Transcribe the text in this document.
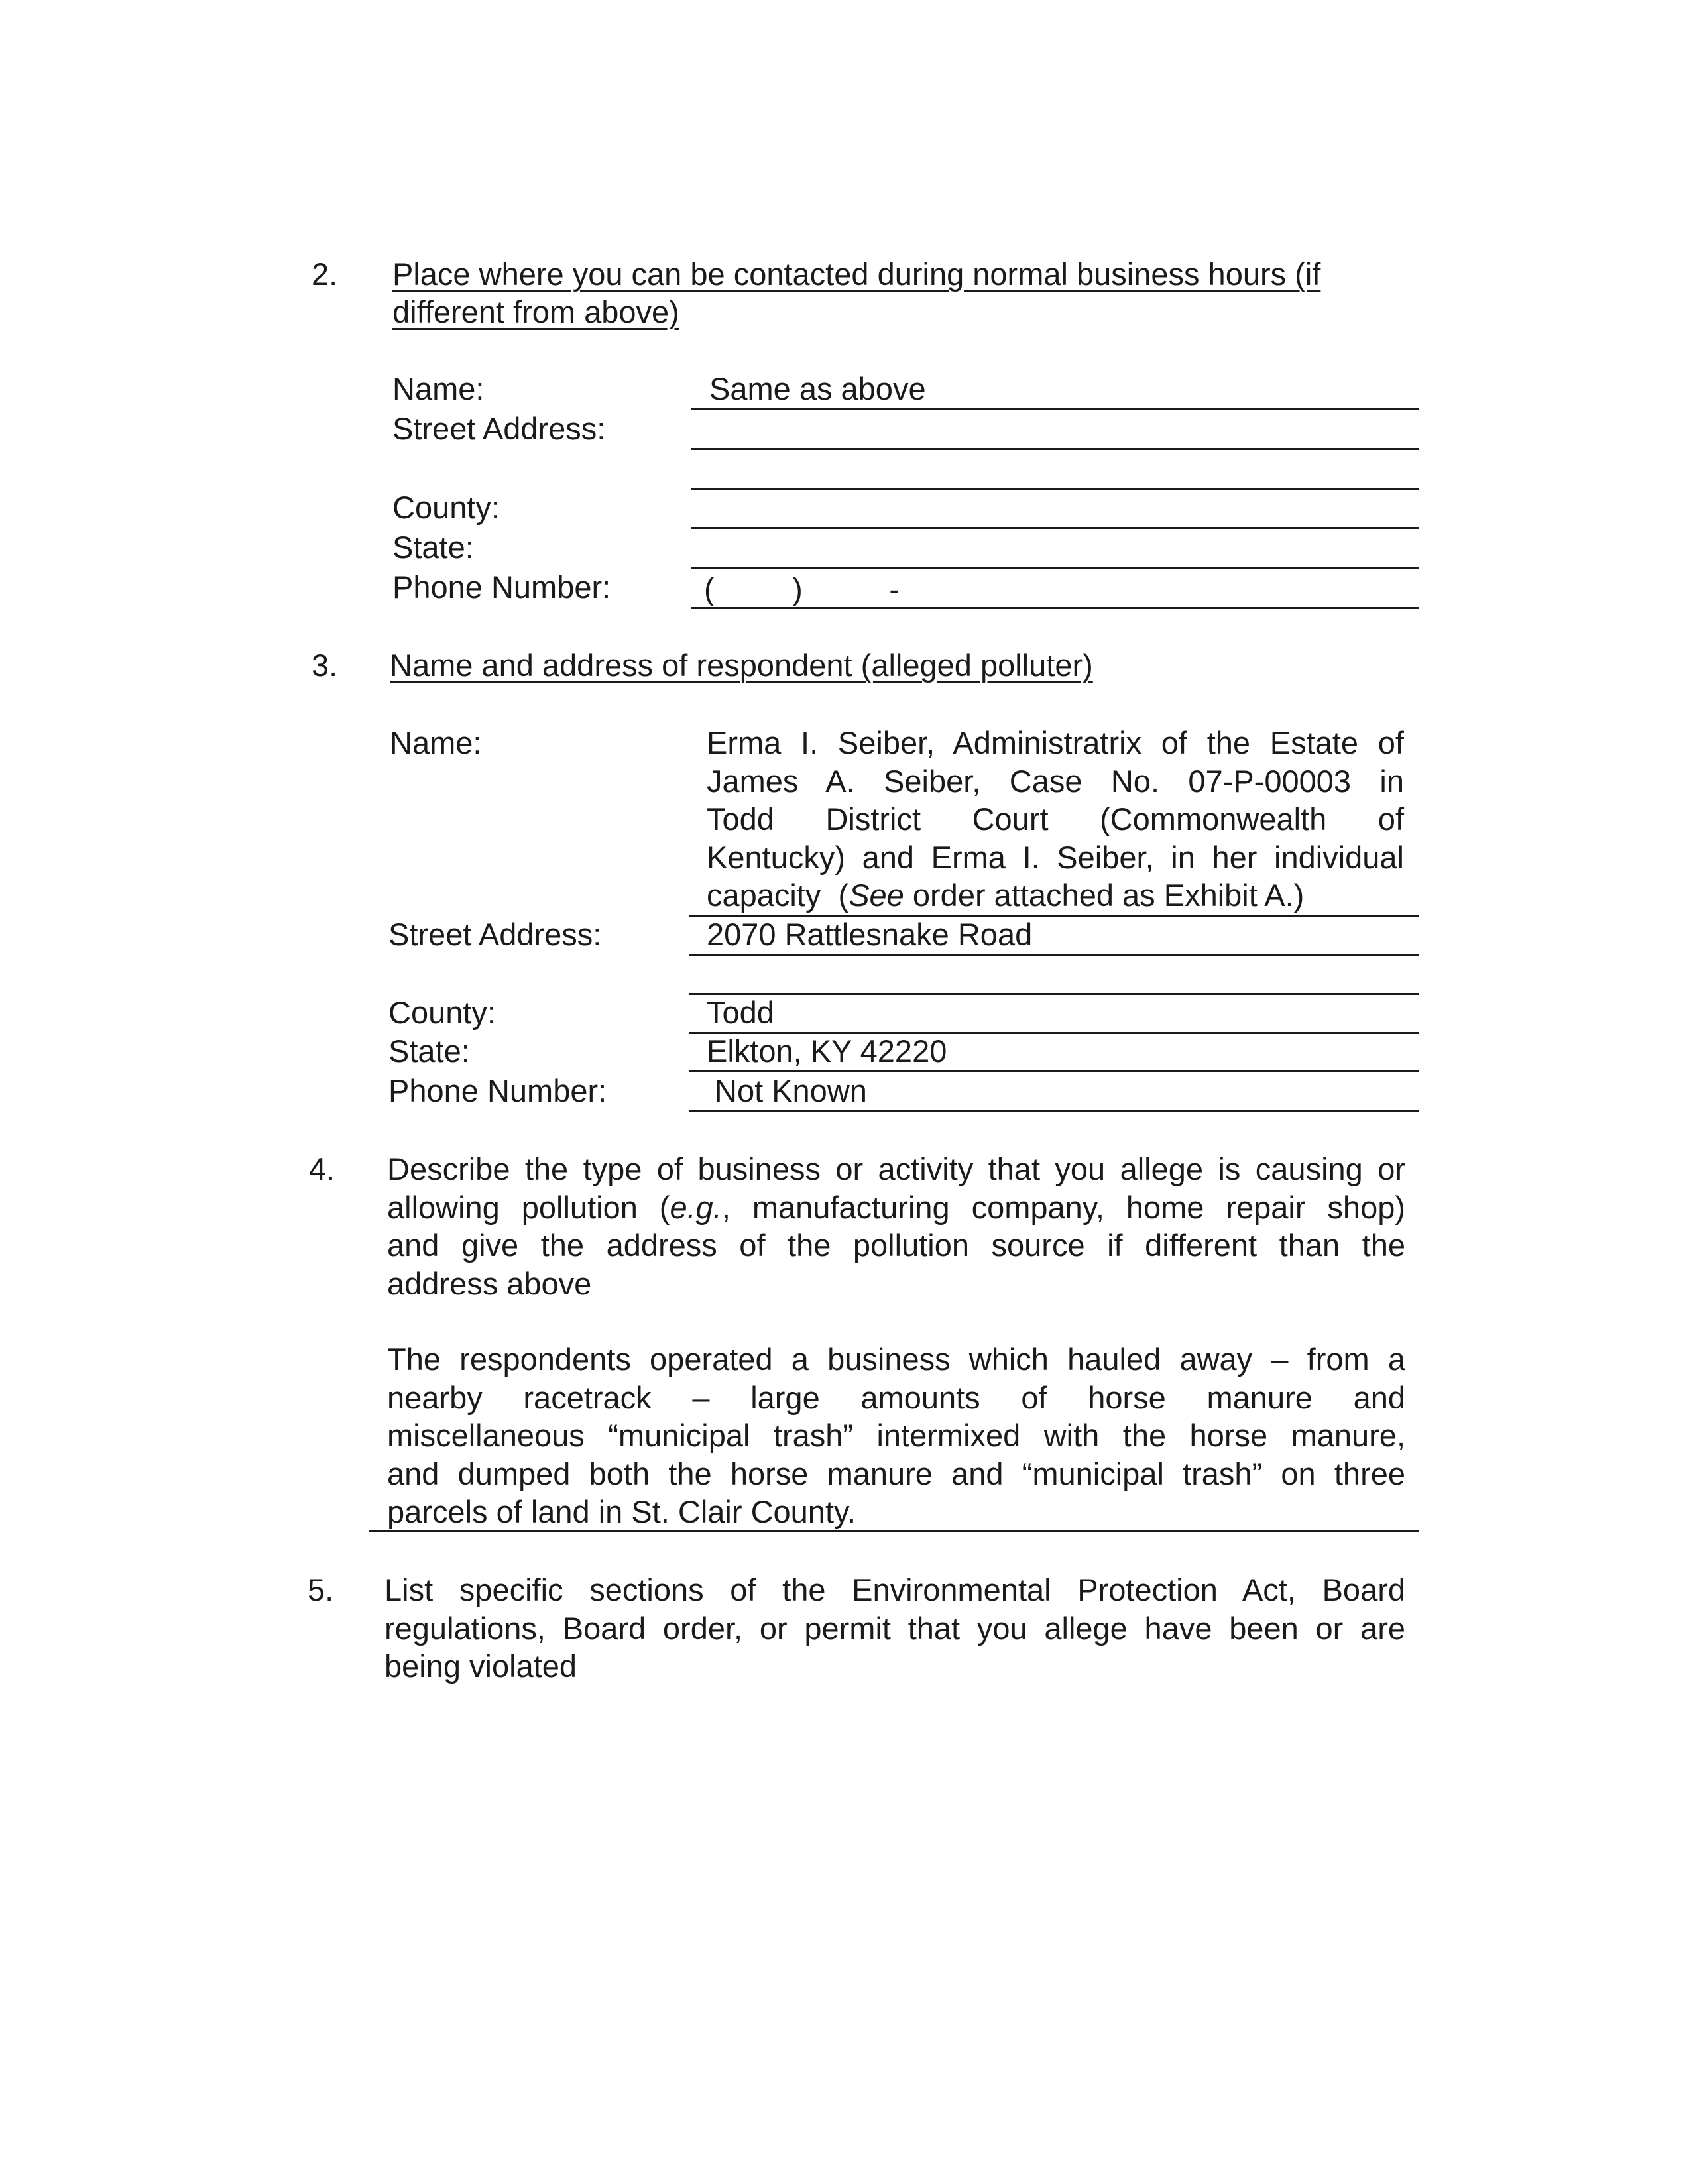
2. Place where you can be contacted during normal business hours (if
different from above)
Name:	Same as above
Street Address:
County:
State:
Phone Number:	(         )          -
3. Name and address of respondent (alleged polluter)
Name:	Erma I. Seiber, Administratrix of the Estate of
James A. Seiber, Case No. 07-P-00003 in
Todd District Court (Commonwealth of
Kentucky) and Erma I. Seiber, in her individual
capacity  (See order attached as Exhibit A.)
Street Address:	2070 Rattlesnake Road
County:	Todd
State:	Elkton, KY 42220
Phone Number:	Not Known
4. Describe the type of business or activity that you allege is causing or
allowing pollution (e.g., manufacturing company, home repair shop)
and give the address of the pollution source if different than the
address above
The respondents operated a business which hauled away – from a
nearby racetrack – large amounts of horse manure and
miscellaneous “municipal trash” intermixed with the horse manure,
and dumped both the horse manure and “municipal trash” on three
parcels of land in St. Clair County.
5. List specific sections of the Environmental Protection Act, Board
regulations, Board order, or permit that you allege have been or are
being violated
